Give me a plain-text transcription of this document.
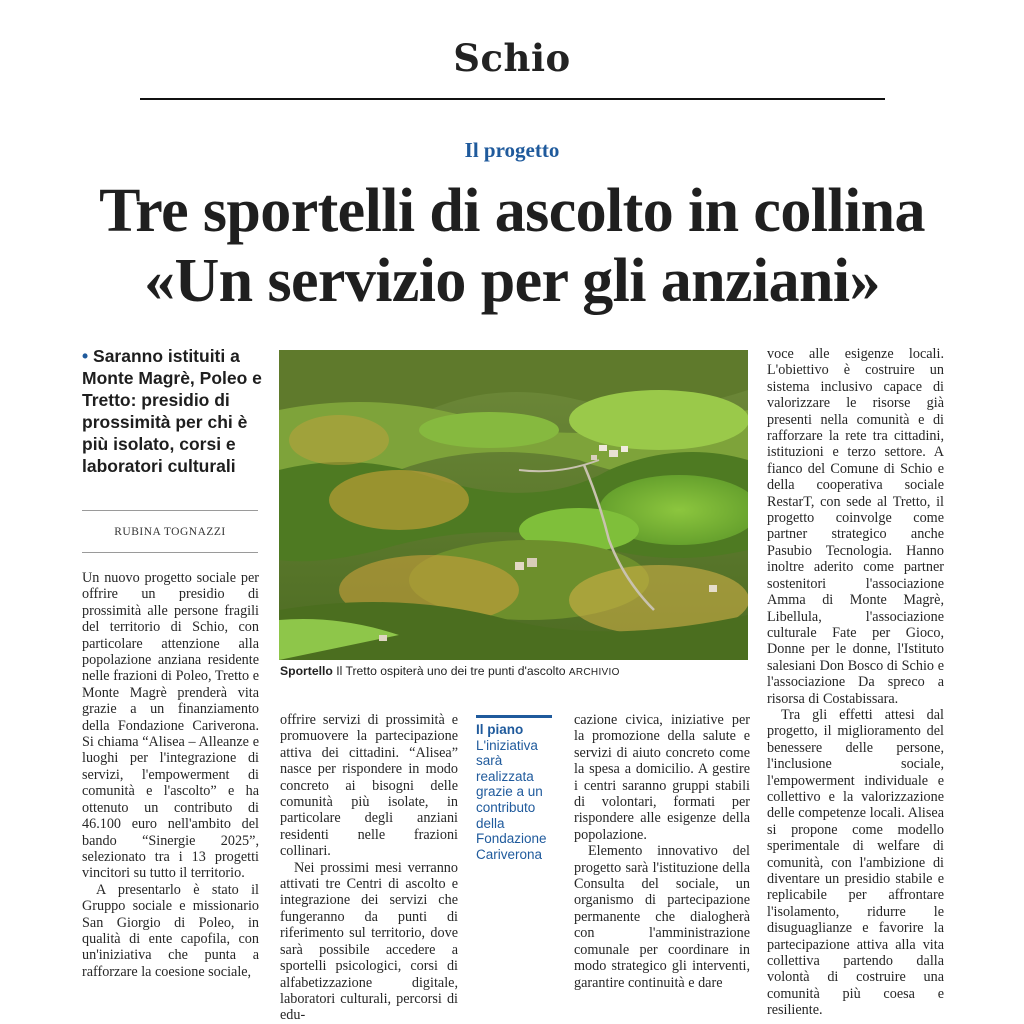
Schio
Il progetto
Tre sportelli di ascolto in collina
«Un servizio per gli anziani»
• Saranno istituiti a Monte Magrè, Poleo e Tretto: presidio di prossimità per chi è più isolato, corsi e laboratori culturali
RUBINA TOGNAZZI

Un nuovo progetto sociale per offrire un presidio di prossimità alle persone fragili del territorio di Schio, con particolare attenzione alla popolazione anziana residente nelle frazioni di Poleo, Tretto e Monte Magrè prenderà vita grazie a un finanziamento della Fondazione Cariverona. Si chiama “Alisea – Alleanze e luoghi per l'integrazione di servizi, l'empowerment di comunità e l'ascolto” e ha ottenuto un contributo di 46.100 euro nell'ambito del bando “Sinergie 2025”, selezionato tra i 13 progetti vincitori su tutto il territorio.

A presentarlo è stato il Gruppo sociale e missionario San Giorgio di Poleo, in qualità di ente capofila, con un'iniziativa che punta a rafforzare la coesione sociale,

Sportello Il Tretto ospiterà uno dei tre punti d'ascolto ARCHIVIO

offrire servizi di prossimità e promuovere la partecipazione attiva dei cittadini. “Alisea” nasce per rispondere in modo concreto ai bisogni delle comunità più isolate, in particolare degli anziani residenti nelle frazioni collinari.

Nei prossimi mesi verranno attivati tre Centri di ascolto e integrazione dei servizi che fungeranno da punti di riferimento sul territorio, dove sarà possibile accedere a sportelli psicologici, corsi di alfabetizzazione digitale, laboratori culturali, percorsi di edu-

Il piano
L'iniziativa sarà realizzata grazie a un contributo della Fondazione Cariverona

cazione civica, iniziative per la promozione della salute e servizi di aiuto concreto come la spesa a domicilio. A gestire i centri saranno gruppi stabili di volontari, formati per rispondere alle esigenze della popolazione.

Elemento innovativo del progetto sarà l'istituzione della Consulta del sociale, un organismo di partecipazione permanente che dialogherà con l'amministrazione comunale per coordinare in modo strategico gli interventi, garantire continuità e dare

voce alle esigenze locali. L'obiettivo è costruire un sistema inclusivo capace di valorizzare le risorse già presenti nella comunità e di rafforzare la rete tra cittadini, istituzioni e terzo settore. A fianco del Comune di Schio e della cooperativa sociale RestarT, con sede al Tretto, il progetto coinvolge come partner strategico anche Pasubio Tecnologia. Hanno inoltre aderito come partner sostenitori l'associazione Amma di Monte Magrè, Libellula, l'associazione culturale Fate per Gioco, Donne per le donne, l'Istituto salesiani Don Bosco di Schio e l'associazione Da spreco a risorsa di Costabissara.

Tra gli effetti attesi dal progetto, il miglioramento del benessere delle persone, l'inclusione sociale, l'empowerment individuale e collettivo e la valorizzazione delle competenze locali. Alisea si propone come modello sperimentale di welfare di comunità, con l'ambizione di diventare un presidio stabile e replicabile per affrontare l'isolamento, ridurre le disuguaglianze e favorire la partecipazione attiva alla vita collettiva partendo dalla volontà di costruire una comunità più coesa e resiliente.
